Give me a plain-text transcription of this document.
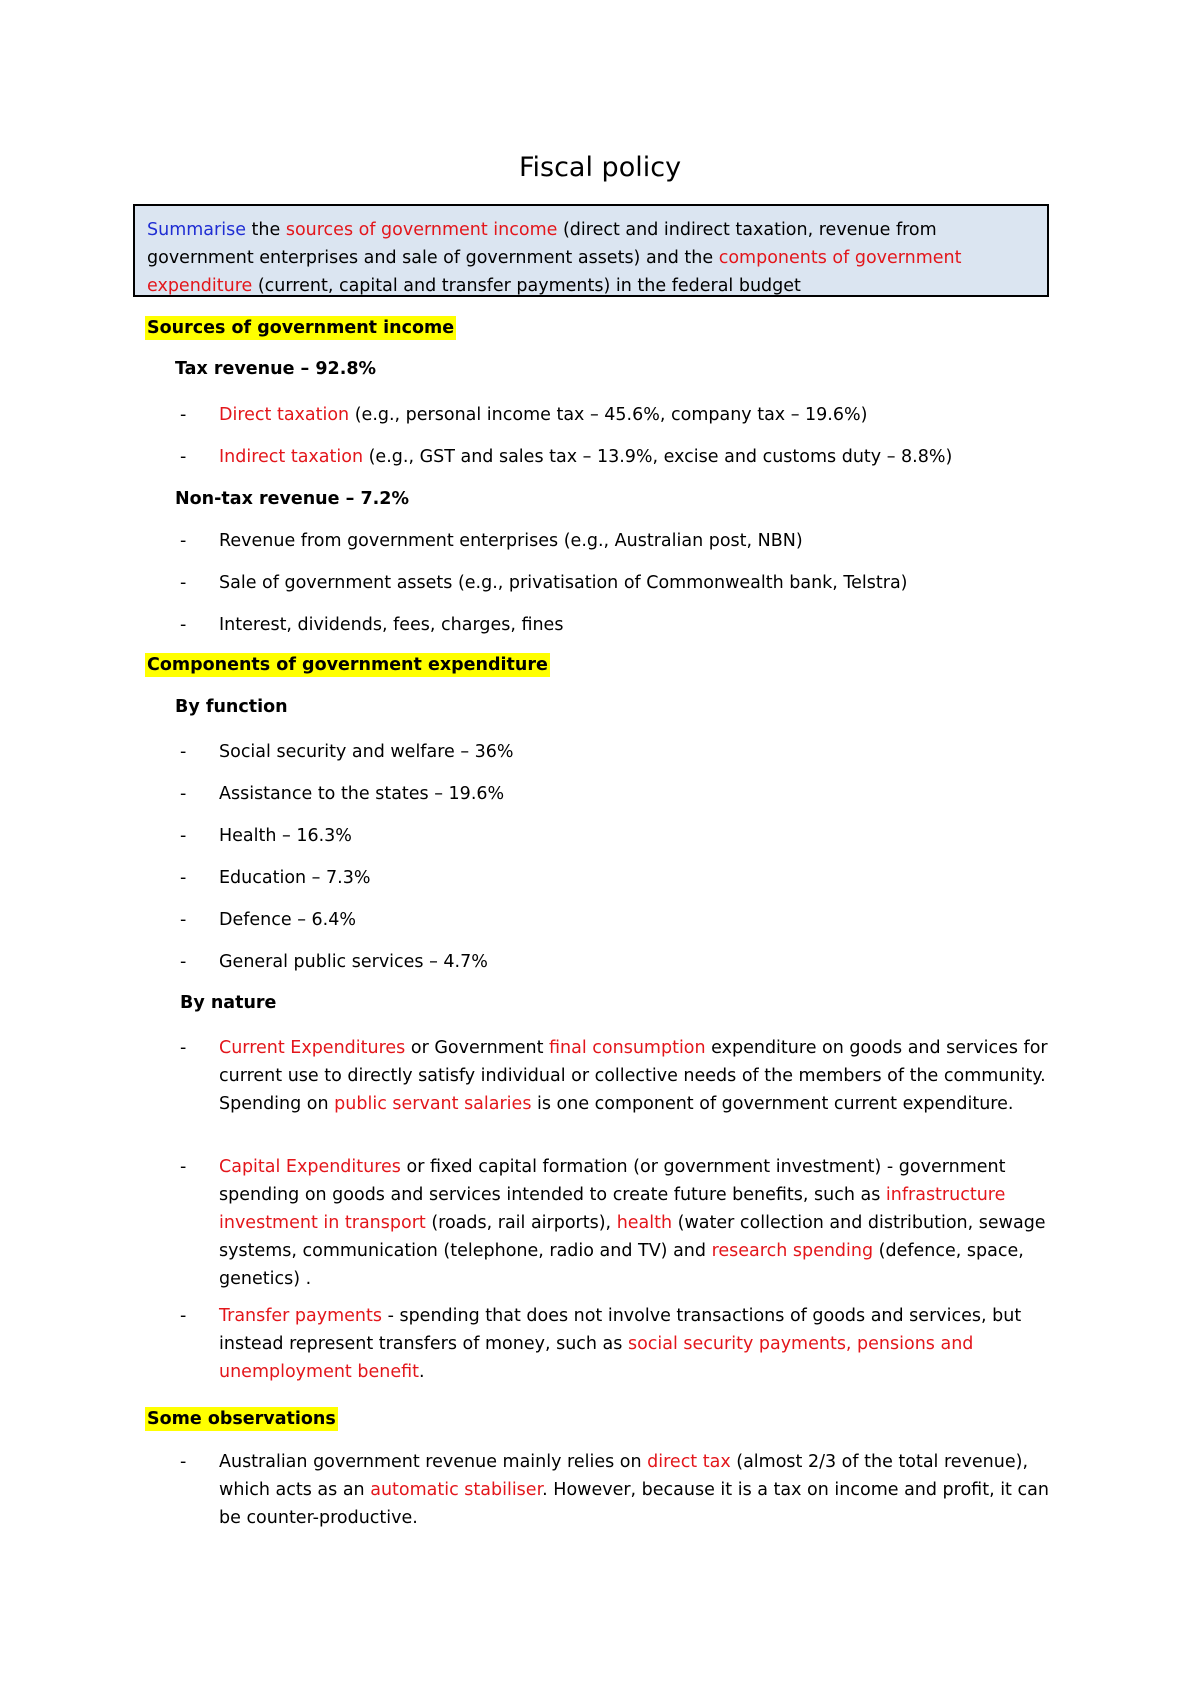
Fiscal policy
Summarise the sources of government income (direct and indirect taxation, revenue from government enterprises and sale of government assets) and the components of government expenditure (current, capital and transfer payments) in the federal budget
Sources of government income
Tax revenue – 92.8%
-	Direct taxation (e.g., personal income tax – 45.6%, company tax – 19.6%)
-	Indirect taxation (e.g., GST and sales tax – 13.9%, excise and customs duty – 8.8%)
Non-tax revenue – 7.2%
-	Revenue from government enterprises (e.g., Australian post, NBN)
-	Sale of government assets (e.g., privatisation of Commonwealth bank, Telstra)
-	Interest, dividends, fees, charges, fines
Components of government expenditure
By function
-	Social security and welfare – 36%
-	Assistance to the states – 19.6%
-	Health – 16.3%
-	Education – 7.3%
-	Defence – 6.4%
-	General public services – 4.7%
By nature
-	Current Expenditures or Government final consumption expenditure on goods and services for current use to directly satisfy individual or collective needs of the members of the community. Spending on public servant salaries is one component of government current expenditure.
-	Capital Expenditures or fixed capital formation (or government investment) - government spending on goods and services intended to create future benefits, such as infrastructure investment in transport (roads, rail airports), health (water collection and distribution, sewage systems, communication (telephone, radio and TV) and research spending (defence, space, genetics) .
-	Transfer payments - spending that does not involve transactions of goods and services, but instead represent transfers of money, such as social security payments, pensions and unemployment benefit.
Some observations
-	Australian government revenue mainly relies on direct tax (almost 2/3 of the total revenue), which acts as an automatic stabiliser. However, because it is a tax on income and profit, it can be counter-productive.
